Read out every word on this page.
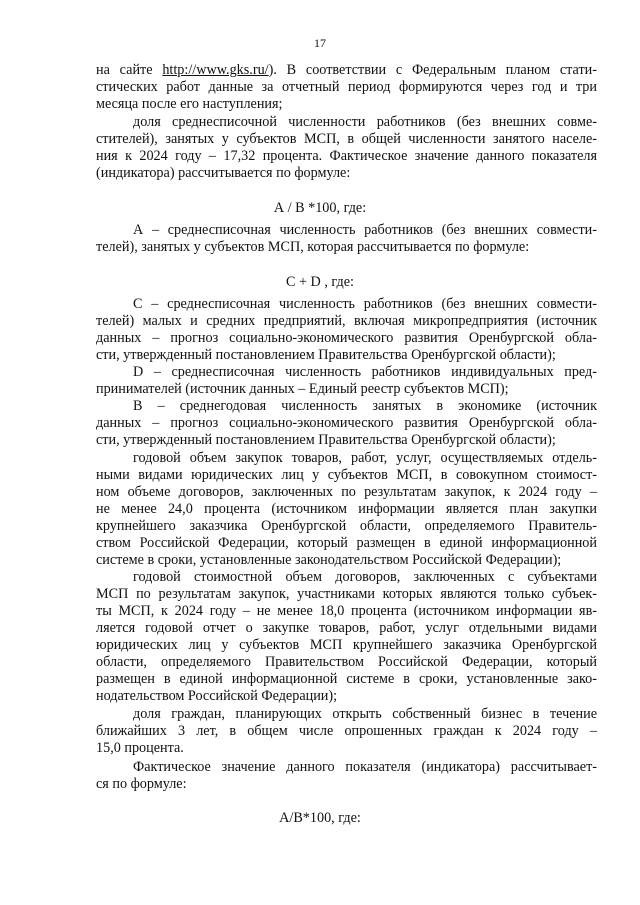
17
на сайте http://www.gks.ru/). В соответствии с Федеральным планом стати-
стических работ данные за отчетный период формируются через год и три
месяца после его наступления;
доля среднесписочной численности работников (без внешних совме-
стителей), занятых у субъектов МСП, в общей численности занятого населе-
ния к 2024 году – 17,32 процента. Фактическое значение данного показателя
(индикатора) рассчитывается по формуле:
А / В *100, где:
А – среднесписочная численность работников (без внешних совмести-
телей), занятых у субъектов МСП, которая рассчитывается по формуле:
С + D , где:
С – среднесписочная численность работников (без внешних совмести-
телей) малых и средних предприятий, включая микропредприятия (источник
данных – прогноз социально-экономического развития Оренбургской обла-
сти, утвержденный постановлением Правительства Оренбургской области);
D – среднесписочная численность работников индивидуальных пред-
принимателей (источник данных – Единый реестр субъектов МСП);
В – среднегодовая численность занятых в экономике (источник
данных – прогноз социально-экономического развития Оренбургской обла-
сти, утвержденный постановлением Правительства Оренбургской области);
годовой объем закупок товаров, работ, услуг, осуществляемых отдель-
ными видами юридических лиц у субъектов МСП, в совокупном стоимост-
ном объеме договоров, заключенных по результатам закупок, к 2024 году –
не менее 24,0 процента (источником информации является план закупки
крупнейшего заказчика Оренбургской области, определяемого Правитель-
ством Российской Федерации, который размещен в единой информационной
системе в сроки, установленные законодательством Российской Федерации);
годовой стоимостной объем договоров, заключенных с субъектами
МСП по результатам закупок, участниками которых являются только субъек-
ты МСП, к 2024 году – не менее 18,0 процента (источником информации яв-
ляется годовой отчет о закупке товаров, работ, услуг отдельными видами
юридических лиц у субъектов МСП крупнейшего заказчика Оренбургской
области, определяемого Правительством Российской Федерации, который
размещен в единой информационной системе в сроки, установленные зако-
нодательством Российской Федерации);
доля граждан, планирующих открыть собственный бизнес в течение
ближайших 3 лет, в общем числе опрошенных граждан к 2024 году –
15,0 процента.
Фактическое значение данного показателя (индикатора) рассчитывает-
ся по формуле:
А/В*100, где:
